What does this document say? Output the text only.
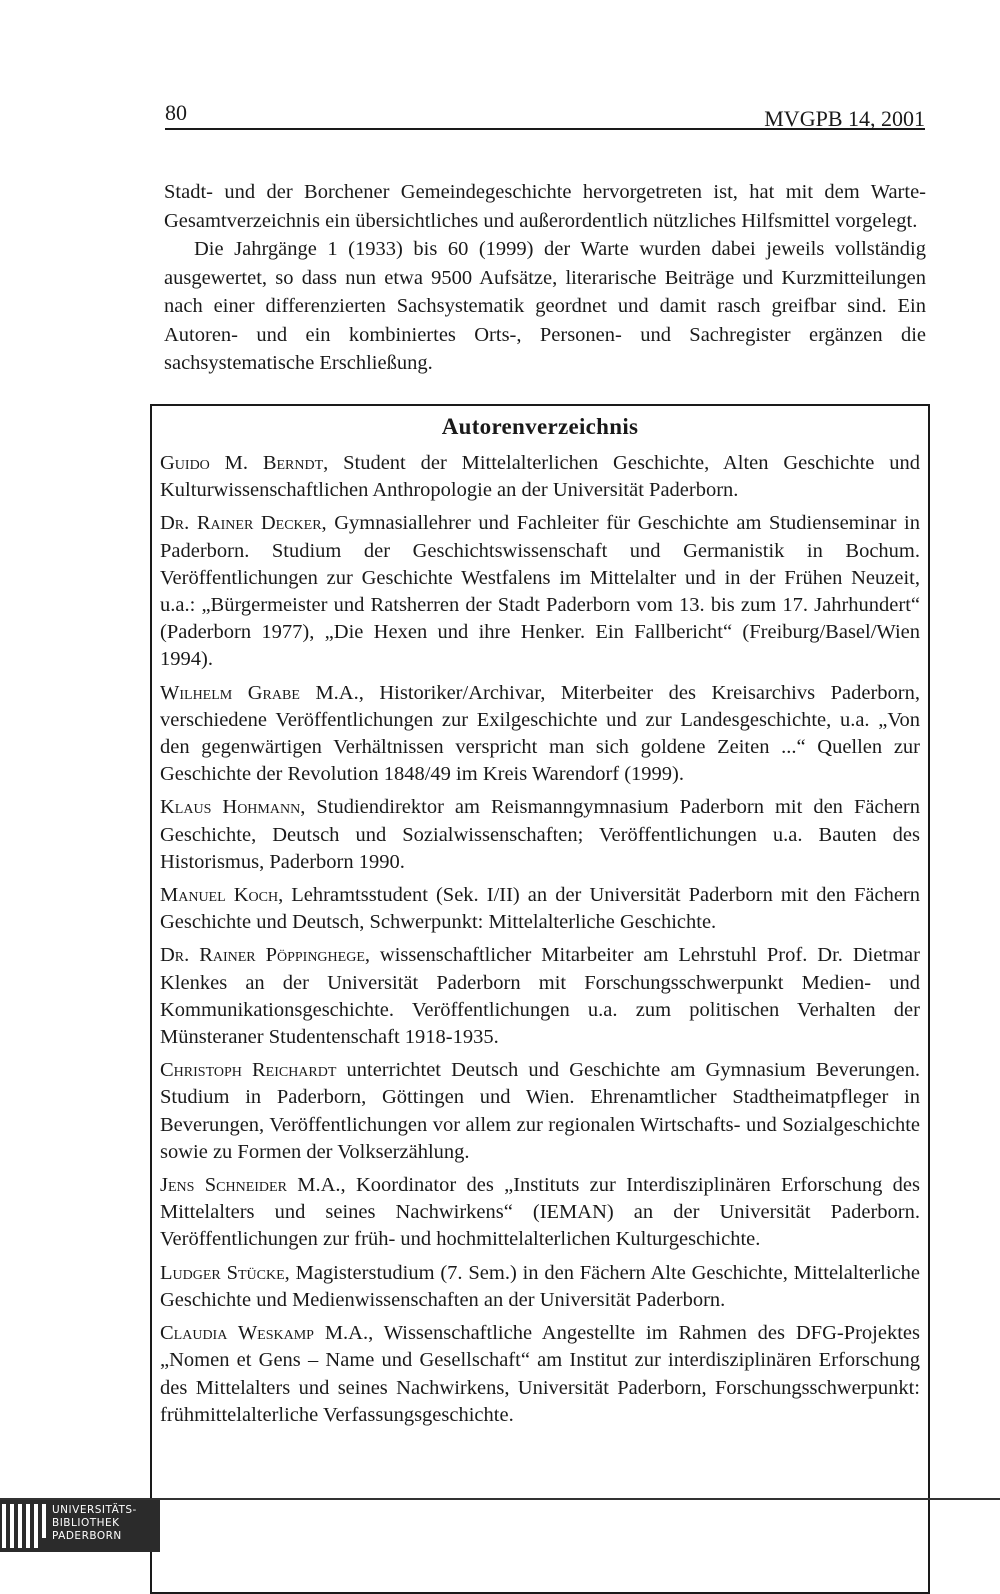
80	MVGPB 14, 2001

Stadt- und der Borchener Gemeindegeschichte hervorgetreten ist, hat mit dem Warte-Gesamtverzeichnis ein übersichtliches und außerordentlich nützliches Hilfsmittel vorgelegt.

Die Jahrgänge 1 (1933) bis 60 (1999) der Warte wurden dabei jeweils vollständig ausgewertet, so dass nun etwa 9500 Aufsätze, literarische Beiträge und Kurzmitteilungen nach einer differenzierten Sachsystematik geordnet und damit rasch greifbar sind. Ein Autoren- und ein kombiniertes Orts-, Personen- und Sachregister ergänzen die sachsystematische Erschließung.

Autorenverzeichnis

Guido M. Berndt, Student der Mittelalterlichen Geschichte, Alten Geschichte und Kulturwissenschaftlichen Anthropologie an der Universität Paderborn.

Dr. Rainer Decker, Gymnasiallehrer und Fachleiter für Geschichte am Studienseminar in Paderborn. Studium der Geschichtswissenschaft und Germanistik in Bochum. Veröffentlichungen zur Geschichte Westfalens im Mittelalter und in der Frühen Neuzeit, u.a.: „Bürgermeister und Ratsherren der Stadt Paderborn vom 13. bis zum 17. Jahrhundert“ (Paderborn 1977), „Die Hexen und ihre Henker. Ein Fallbericht“ (Freiburg/Basel/Wien 1994).

Wilhelm Grabe M.A., Historiker/Archivar, Miterbeiter des Kreisarchivs Paderborn, verschiedene Veröffentlichungen zur Exilgeschichte und zur Landesgeschichte, u.a. „Von den gegenwärtigen Verhältnissen verspricht man sich goldene Zeiten ...“ Quellen zur Geschichte der Revolution 1848/49 im Kreis Warendorf (1999).

Klaus Hohmann, Studiendirektor am Reismanngymnasium Paderborn mit den Fächern Geschichte, Deutsch und Sozialwissenschaften; Veröffentlichungen u.a. Bauten des Historismus, Paderborn 1990.

Manuel Koch, Lehramtsstudent (Sek. I/II) an der Universität Paderborn mit den Fächern Geschichte und Deutsch, Schwerpunkt: Mittelalterliche Geschichte.

Dr. Rainer Pöppinghege, wissenschaftlicher Mitarbeiter am Lehrstuhl Prof. Dr. Dietmar Klenkes an der Universität Paderborn mit Forschungsschwerpunkt Medien- und Kommunikationsgeschichte. Veröffentlichungen u.a. zum politischen Verhalten der Münsteraner Studentenschaft 1918-1935.

Christoph Reichardt unterrichtet Deutsch und Geschichte am Gymnasium Beverungen. Studium in Paderborn, Göttingen und Wien. Ehrenamtlicher Stadtheimatpfleger in Beverungen, Veröffentlichungen vor allem zur regionalen Wirtschafts- und Sozialgeschichte sowie zu Formen der Volkserzählung.

Jens Schneider M.A., Koordinator des „Instituts zur Interdisziplinären Erforschung des Mittelalters und seines Nachwirkens“ (IEMAN) an der Universität Paderborn. Veröffentlichungen zur früh- und hochmittelalterlichen Kulturgeschichte.

Ludger Stücke, Magisterstudium (7. Sem.) in den Fächern Alte Geschichte, Mittelalterliche Geschichte und Medienwissenschaften an der Universität Paderborn.

Claudia Weskamp M.A., Wissenschaftliche Angestellte im Rahmen des DFG-Projektes „Nomen et Gens – Name und Gesellschaft“ am Institut zur interdisziplinären Erforschung des Mittelalters und seines Nachwirkens, Universität Paderborn, Forschungsschwerpunkt: frühmittelalterliche Verfassungsgeschichte.

UNIVERSITÄTS-
BIBLIOTHEK
PADERBORN
